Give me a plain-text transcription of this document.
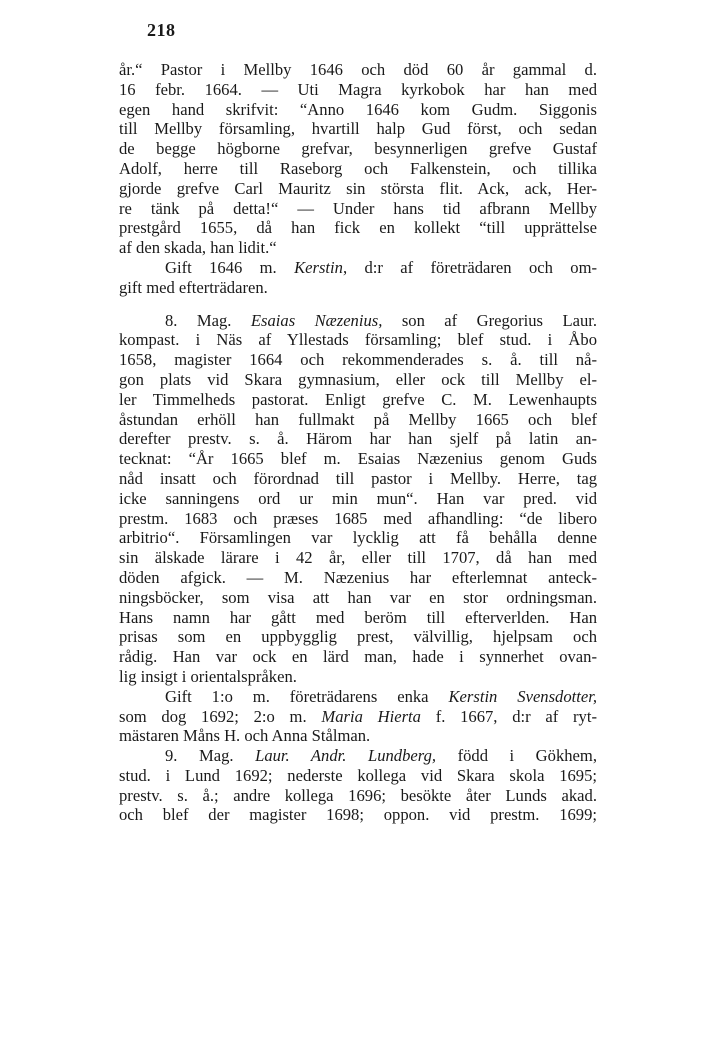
218
år.“ Pastor i Mellby 1646 och död 60 år gammal d.
16 febr. 1664. — Uti Magra kyrkobok har han med
egen hand skrifvit: “Anno 1646 kom Gudm. Siggonis
till Mellby församling, hvartill halp Gud först, och sedan
de begge högborne grefvar, besynnerligen grefve Gustaf
Adolf, herre till Raseborg och Falkenstein, och tillika
gjorde grefve Carl Mauritz sin största flit. Ack, ack, Her-
re tänk på detta!“ — Under hans tid afbrann Mellby
prestgård 1655, då han fick en kollekt “till upprättelse
af den skada, han lidit.“
Gift 1646 m. Kerstin, d:r af företrädaren och om-
gift med efterträdaren.
8. Mag. Esaias Næzenius, son af Gregorius Laur.
kompast. i Näs af Yllestads församling; blef stud. i Åbo
1658, magister 1664 och rekommenderades s. å. till nå-
gon plats vid Skara gymnasium, eller ock till Mellby el-
ler Timmelheds pastorat. Enligt grefve C. M. Lewenhaupts
åstundan erhöll han fullmakt på Mellby 1665 och blef
derefter prestv. s. å. Härom har han sjelf på latin an-
tecknat: “År 1665 blef m. Esaias Næzenius genom Guds
nåd insatt och förordnad till pastor i Mellby. Herre, tag
icke sanningens ord ur min mun“. Han var pred. vid
prestm. 1683 och præses 1685 med afhandling: “de libero
arbitrio“. Församlingen var lycklig att få behålla denne
sin älskade lärare i 42 år, eller till 1707, då han med
döden afgick. — M. Næzenius har efterlemnat anteck-
ningsböcker, som visa att han var en stor ordningsman.
Hans namn har gått med beröm till efterverlden. Han
prisas som en uppbygglig prest, välvillig, hjelpsam och
rådig. Han var ock en lärd man, hade i synnerhet ovan-
lig insigt i orientalspråken.
Gift 1:o m. företrädarens enka Kerstin Svensdotter,
som dog 1692; 2:o m. Maria Hierta f. 1667, d:r af ryt-
mästaren Måns H. och Anna Stålman.
9. Mag. Laur. Andr. Lundberg, född i Gökhem,
stud. i Lund 1692; nederste kollega vid Skara skola 1695;
prestv. s. å.; andre kollega 1696; besökte åter Lunds akad.
och blef der magister 1698; oppon. vid prestm. 1699;
